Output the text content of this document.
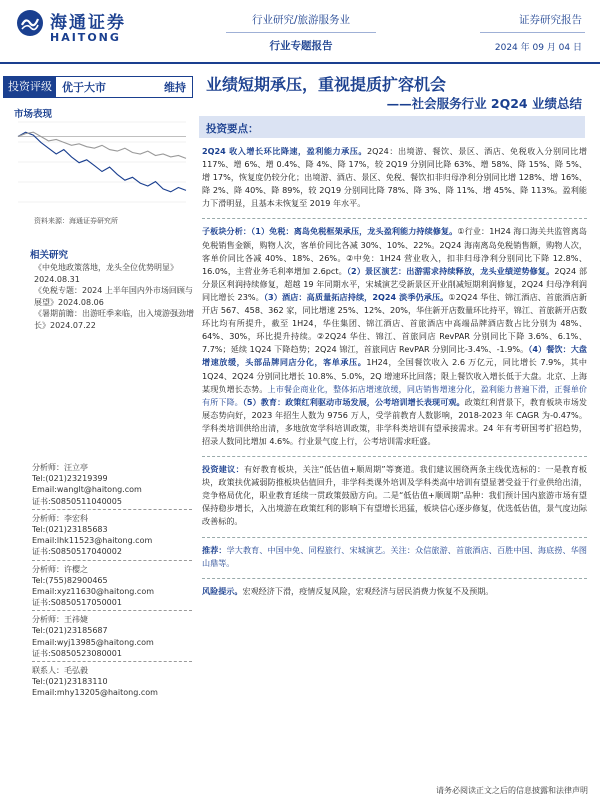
海通证券
HAITONG
行业研究/旅游服务业
行业专题报告
证券研究报告
2024 年 09 月 04 日
投资评级 优于大市	维持	业绩短期承压，重视提质扩容机会
——社会服务行业 2Q24 业绩总结
市场表现
资料来源：海通证券研究所
相关研究

《中免地政策落地，龙头全位优势明显》2024.08.31

《免税专题：2024 上半年国内外市场回顾与展望》2024.08.06

《暑期前瞻：出游旺季来临，出入境游强劲增长》2024.07.22

分析师：汪立亭
Tel:(021)23219399
Email:wanglt@haitong.com
证书:S0850511040005
分析师：李宏科
Tel:(021)23185683
Email:lhk11523@haitong.com
证书:S0850517040002
分析师：许樱之
Tel:(755)82900465
Email:xyz11630@haitong.com
证书:S0850517050001
分析师：王祎婕
Tel:(021)23185687
Email:wyj13985@haitong.com
证书:S0850523080001
联系人：毛弘毅
Tel:(021)23183110
Email:mhy13205@haitong.com
投资要点：

2Q24 收入增长环比降速，盈利能力承压。2Q24：出境游、餐饮、景区、酒店、免税收入分别同比增 117%、增 6%、增 0.4%、降 4%、降 17%，较 2Q19 分别同比降 63%、增 58%、降 15%、降 5%、增 17%，恢复度仍较分化；出境游、酒店、景区、免税、餐饮扣非归母净利分别同比增 128%、增 16%、降 2%、降 40%、降 89%，较 2Q19 分别同比降 78%、降 3%、降 11%、增 45%、降 113%。盈利能力下滑明显，且基本未恢复至 2019 年水平。

子板块分析：（1）免税：离岛免税框架承压，龙头盈利能力持续修复。①行业：1H24 海口海关共监管离岛免税销售金额，购物人次，客单价同比各减 30%、10%、22%。2Q24 海南离岛免税销售额，购物人次，客单价同比各减 40%、18%、26%。②中免：1H24 营业收入，扣非归母净利分别同比下降 12.8%、16.0%，主营业务毛利率增加 2.6pct。（2）景区演艺：出游需求持续释放，龙头业绩逆势修复。2Q24 部分景区利润持续修复，超越 19 年同期水平，宋城演艺受新景区开业削减短期利润修复，2Q24 归母净利润同比增长 23%。（3）酒店：高质量拓店持续，2Q24 淡季仍承压。①2Q24 华住、锦江酒店、首旅酒店新开店 567、458、362 家，同比增速 25%、12%、20%，华住新开店数量环比持平，锦江、首旅新开店数环比均有所提升，截至 1H24，华住集团、锦江酒店、首旅酒店中高端品牌酒店数占比分别为 48%、64%、30%，环比提升持续。②2Q24 华住、锦江、首旅同店 RevPAR 分别同比下降 3.6%、6.1%、7.7%；延续 1Q24 下降趋势；2Q24 锦江，首旅同店 RevPAR 分别同比-3.4%、-1.9%。（4）餐饮：大盘增速放缓，头部品牌同店分化，客单承压。1H24，全国餐饮收入 2.6 万亿元，同比增长 7.9%，其中 1Q24、2Q24 分别同比增长 10.8%、5.0%，2Q 增速环比回落；限上餐饮收入增长低于大盘。北京、上海某现负增长态势。上市餐企商业化，整体拓店增速放缓，同店销售增速分化，盈利能力普遍下滑，正餐单价有所下降。（5）教育：政策红利驱动市场发展，公考培训增长表现可观。政策红利背景下，教育板块市场发展态势向好，2023 年招生人数为 9756 万人，受学前教育人数影响，2018-2023 年 CAGR 为-0.47%。学科类培训供给出清，多地放宽学科培训政策，非学科类培训有望承接需求。24 年有考研国考扩招趋势，招录人数同比增加 4.6%。行业景气度上行，公考培训需求旺盛。

投资建议：有好教育板块，关注“低估值+顺周期”等赛道。我们建议围绕两条主线优选标的：一是教育板块，政策扶优减弱防推板块估值回升，非学科类课外培训及学科类高中培训有望显著受益于行业供给出清，竞争格局优化，职业教育延续一贯政策鼓励方向。二是“低估值+顺周期”品种：我们预计国内旅游市场有望保持稳步增长，入出境游在政策红利的影响下有望增长迅猛，板块信心逐步修复，优选低估值，景气度边际改善标的。

推荐：学大教育、中国中免、同程旅行、宋城演艺。关注：众信旅游、首旅酒店、百胜中国、海底捞、华图山鼎等。

风险提示。宏观经济下滑，疫情反复风险，宏观经济与居民消费力恢复不及预期。

请务必阅读正文之后的信息披露和法律声明
